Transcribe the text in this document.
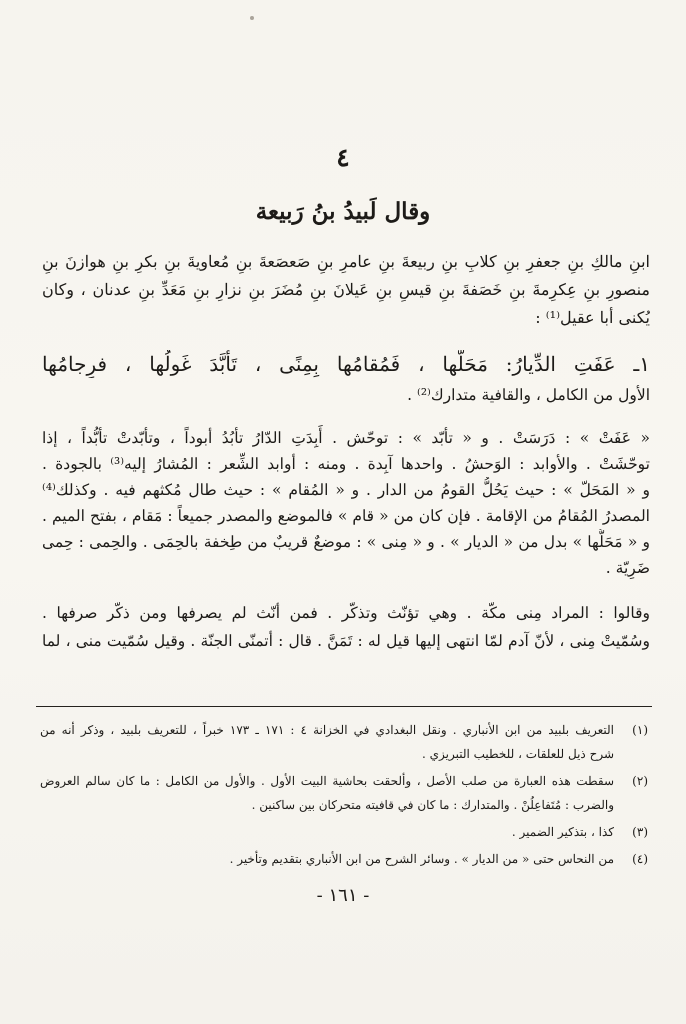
٤
وقال لَبيدُ بنُ رَبيعة

ابنِ مالكِ بنِ جعفرِ بنِ كلابِ بنِ ربيعةَ بنِ عامرِ بنِ صَعصَعةَ بنِ مُعاويةَ بنِ بكرِ بنِ هوازنَ بنِ

منصورِ بنِ عِكرِمةَ بنِ خَصَفةَ بنِ قيسِ بنِ عَيلانَ بنِ مُضَرَ بنِ نزارِ بنِ مَعَدِّ بنِ عدنان ، وكان

يُكنى أبا عقيل⁽¹⁾ :

١ـ عَفَتِ الدِّيارُ: مَحَلُّها ، فَمُقامُها بِمِنًى ، تَأَبَّدَ غَولُها ، فرِجامُها

الأول من الكامل ، والقافية متدارك⁽²⁾ .

« عَفَتْ » : دَرَسَتْ . و « تأبّد » : توحّش . أَبِدَتِ الدّارُ تأبُدُ أبوداً ، وتأبّدتْ تأبُّداً ، إذا

توحّشَتْ . والأوابد : الوَحشُ . واحدها آبِدة . ومنه : أوابد الشِّعر : المُشارُ إليه⁽³⁾ بالجودة .

و « المَحَلّ » : حيث يَحُلُّ القومُ من الدار . و « المُقام » : حيث طال مُكثهم فيه . وكذلك⁽⁴⁾

المصدرُ المُقامُ من الإقامة . فإن كان من « قام » فالموضع والمصدر جميعاً : مَقام ، بفتح الميم .

و « مَحَلُّها » بدل من « الديار » . و « مِنى » : موضعٌ قريبٌ من طِخفة بالحِمَى . والحِمى : حِمى

ضَرِيّة .

وقالوا : المراد مِنى مكّة . وهي تؤنّث وتذكّر . فمن أنّث لم يصرفها ومن ذكّر صرفها .

وسُمّيتْ مِنى ، لأنّ آدم لمّا انتهى إليها قيل له : تَمَنَّ . قال : أتمنّى الجنّة . وقيل سُمّيت منى ، لما

(١)

التعريف بلبيد من ابن الأنباري . ونقل البغدادي في الخزانة ٤ : ١٧١ ـ ١٧٣ خبراً ، للتعريف بلبيد ، وذكر أنه من

شرح ذيل للعلقات ، للخطيب التبريزي .

(٢)

سقطت هذه العبارة من صلب الأصل ، وألحقت بحاشية البيت الأول . والأول من الكامل : ما كان سالم العروض

والضرب : مُتَفاعِلُنْ . والمتدارك : ما كان في قافيته متحركان بين ساكنين .

(٣)

كذا ، بتذكير الضمير .

(٤)

من النحاس حتى « من الديار » . وسائر الشرح من ابن الأنباري بتقديم وتأخير .

- ١٦١ -
